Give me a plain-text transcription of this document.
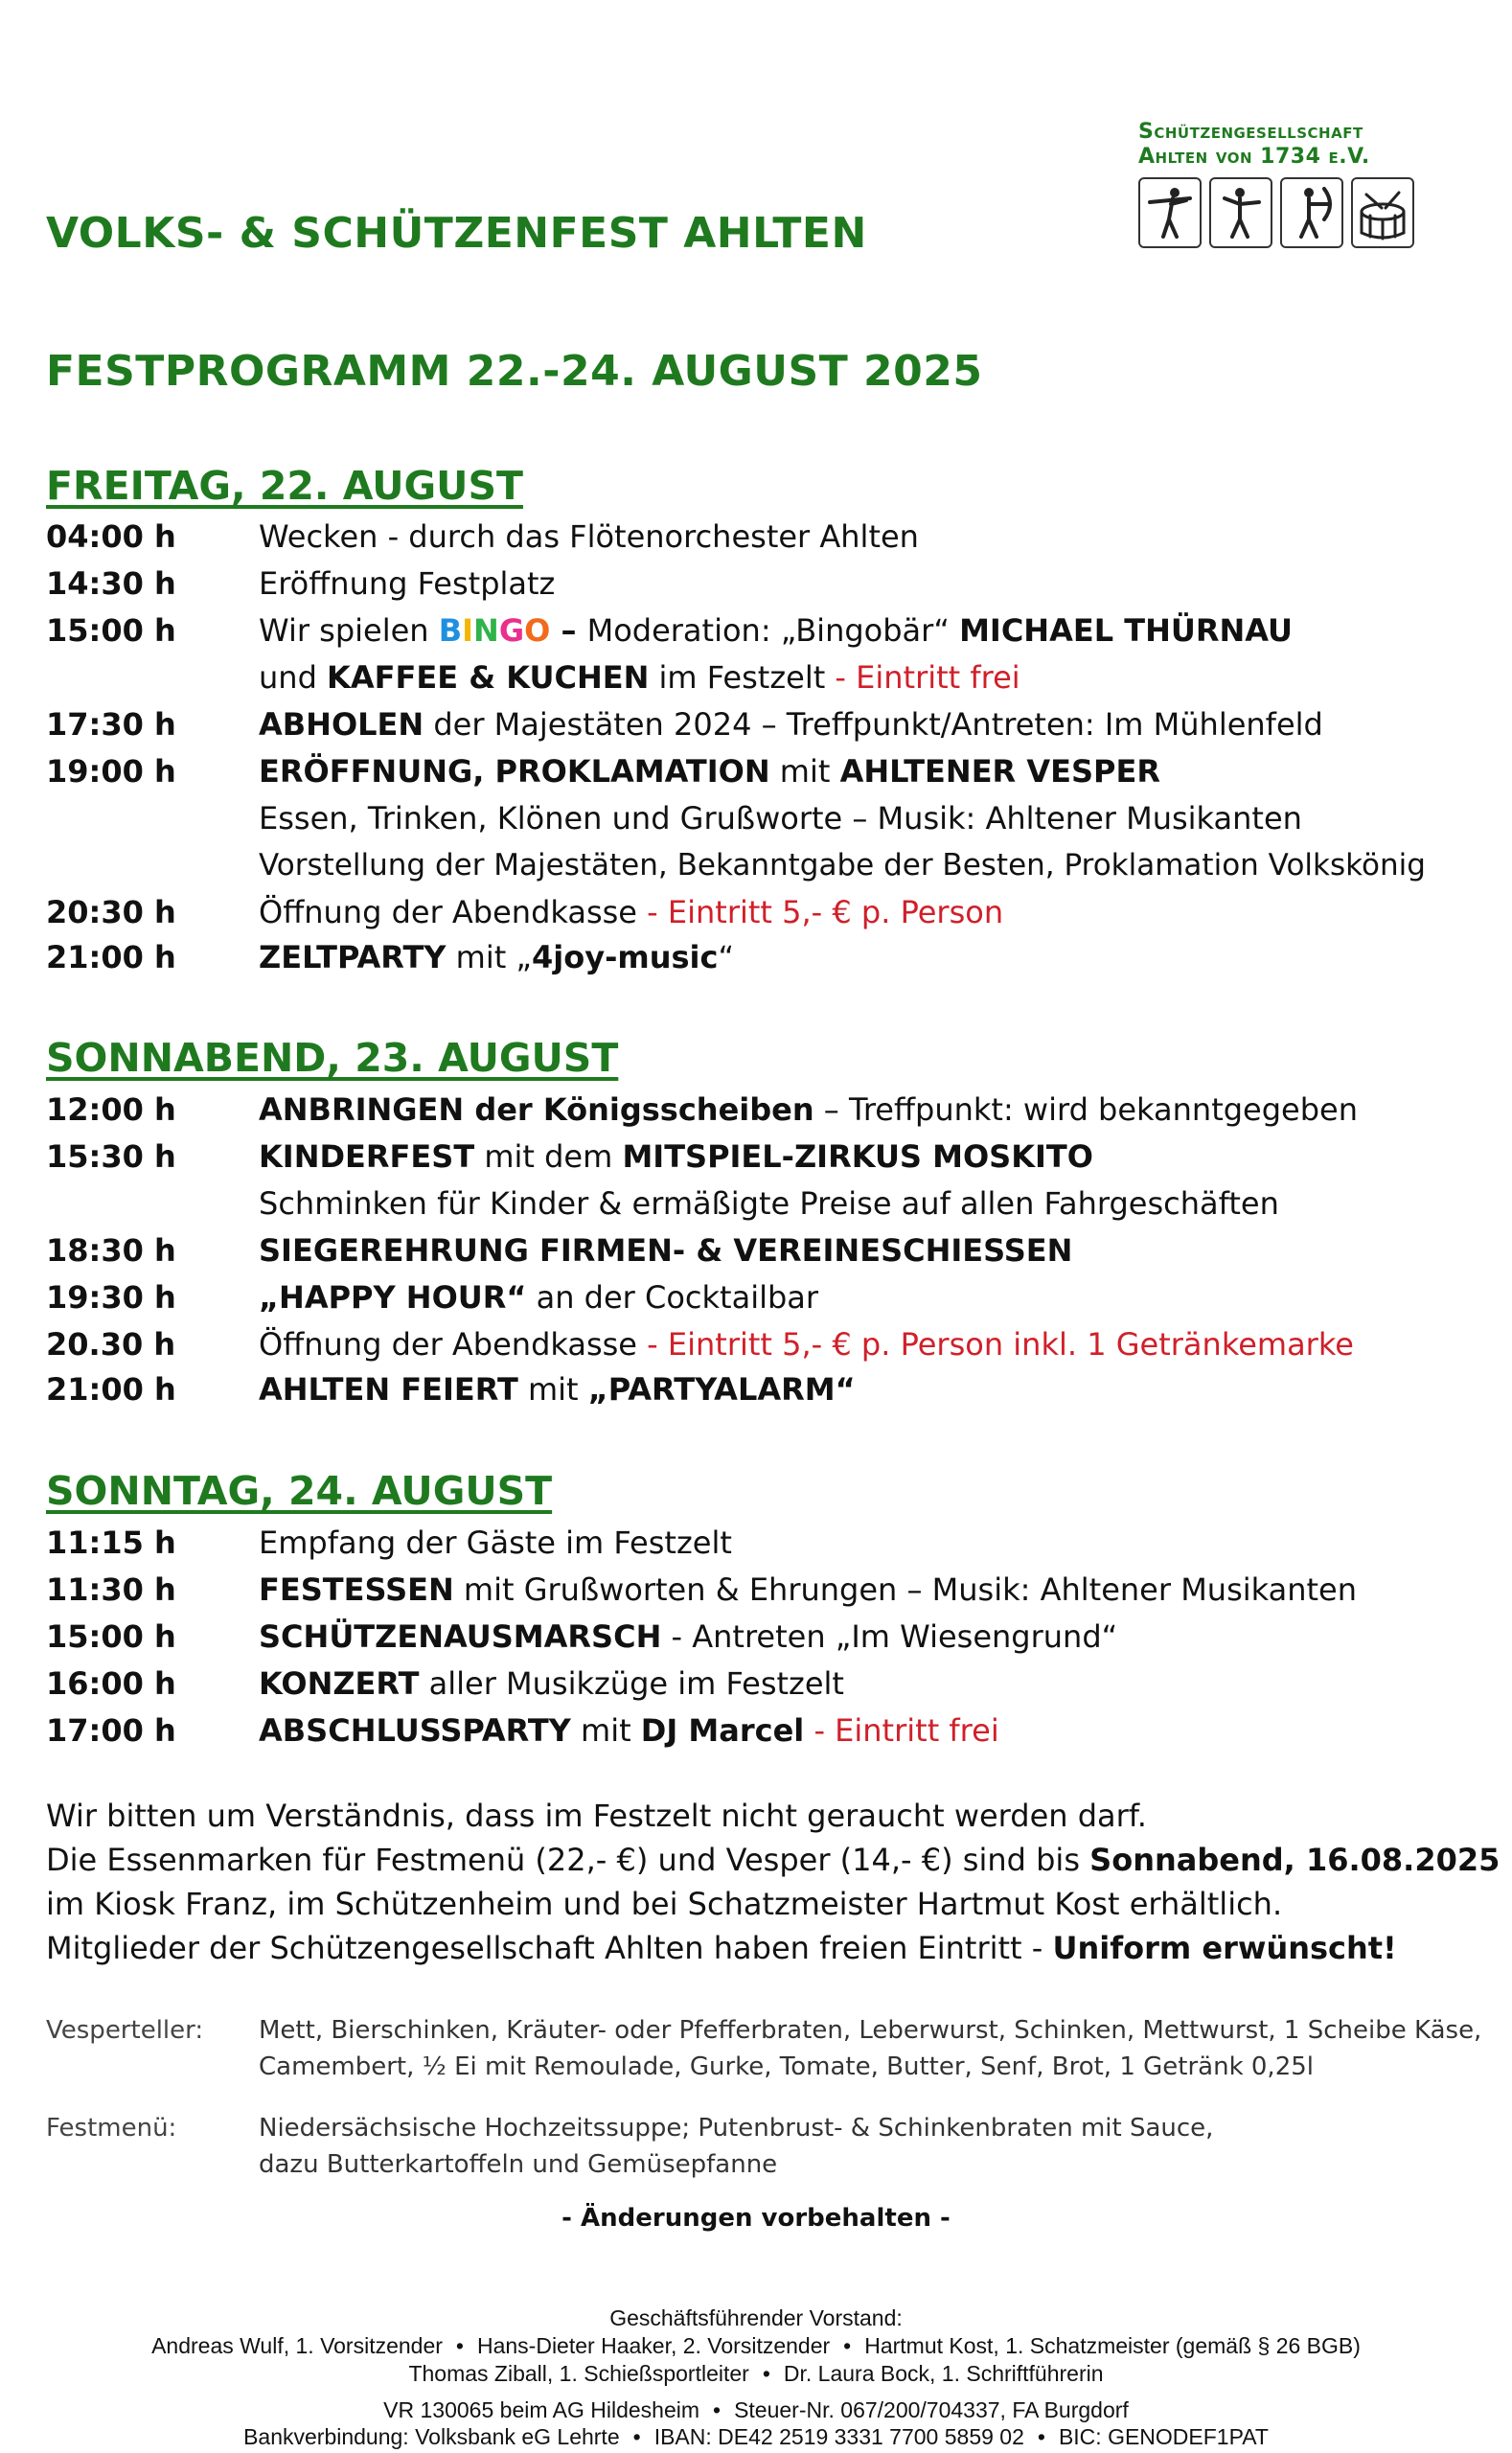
Schützengesellschaft
Ahlten von 1734 e.V.
VOLKS- & SCHÜTZENFEST AHLTEN
FESTPROGRAMM 22.-24. AUGUST 2025
FREITAG, 22. AUGUST
04:00 h	Wecken - durch das Flötenorchester Ahlten
14:30 h	Eröffnung Festplatz
15:00 h	Wir spielen BINGO – Moderation: „Bingobär“ MICHAEL THÜRNAU
und KAFFEE & KUCHEN im Festzelt - Eintritt frei
17:30 h	ABHOLEN der Majestäten 2024 – Treffpunkt/Antreten: Im Mühlenfeld
19:00 h	ERÖFFNUNG, PROKLAMATION mit AHLTENER VESPER
Essen, Trinken, Klönen und Grußworte – Musik: Ahltener Musikanten
Vorstellung der Majestäten, Bekanntgabe der Besten, Proklamation Volkskönig
20:30 h	Öffnung der Abendkasse - Eintritt 5,- € p. Person
21:00 h	ZELTPARTY mit „4joy-music“
SONNABEND, 23. AUGUST
12:00 h	ANBRINGEN der Königsscheiben – Treffpunkt: wird bekanntgegeben
15:30 h	KINDERFEST mit dem MITSPIEL-ZIRKUS MOSKITO
Schminken für Kinder & ermäßigte Preise auf allen Fahrgeschäften
18:30 h	SIEGEREHRUNG FIRMEN- & VEREINESCHIESSEN
19:30 h	„HAPPY HOUR“ an der Cocktailbar
20.30 h	Öffnung der Abendkasse - Eintritt 5,- € p. Person inkl. 1 Getränkemarke
21:00 h	AHLTEN FEIERT mit „PARTYALARM“
SONNTAG, 24. AUGUST
11:15 h	Empfang der Gäste im Festzelt
11:30 h	FESTESSEN mit Grußworten & Ehrungen – Musik: Ahltener Musikanten
15:00 h	SCHÜTZENAUSMARSCH - Antreten „Im Wiesengrund“
16:00 h	KONZERT aller Musikzüge im Festzelt
17:00 h	ABSCHLUSSPARTY mit DJ Marcel - Eintritt frei
Wir bitten um Verständnis, dass im Festzelt nicht geraucht werden darf.
Die Essenmarken für Festmenü (22,- €) und Vesper (14,- €) sind bis Sonnabend, 16.08.2025
im Kiosk Franz, im Schützenheim und bei Schatzmeister Hartmut Kost erhältlich.
Mitglieder der Schützengesellschaft Ahlten haben freien Eintritt - Uniform erwünscht!
Vesperteller: Mett, Bierschinken, Kräuter- oder Pfefferbraten, Leberwurst, Schinken, Mettwurst, 1 Scheibe Käse,
Camembert, ½ Ei mit Remoulade, Gurke, Tomate, Butter, Senf, Brot, 1 Getränk 0,25l
Festmenü:	Niedersächsische Hochzeitssuppe; Putenbrust- & Schinkenbraten mit Sauce,
dazu Butterkartoffeln und Gemüsepfanne
- Änderungen vorbehalten -
Geschäftsführender Vorstand:
Andreas Wulf, 1. Vorsitzender • Hans-Dieter Haaker, 2. Vorsitzender • Hartmut Kost, 1. Schatzmeister (gemäß § 26 BGB)
Thomas Ziball, 1. Schießsportleiter • Dr. Laura Bock, 1. Schriftführerin
VR 130065 beim AG Hildesheim • Steuer-Nr. 067/200/704337, FA Burgdorf
Bankverbindung: Volksbank eG Lehrte • IBAN: DE42 2519 3331 7700 5859 02 • BIC: GENODEF1PAT
